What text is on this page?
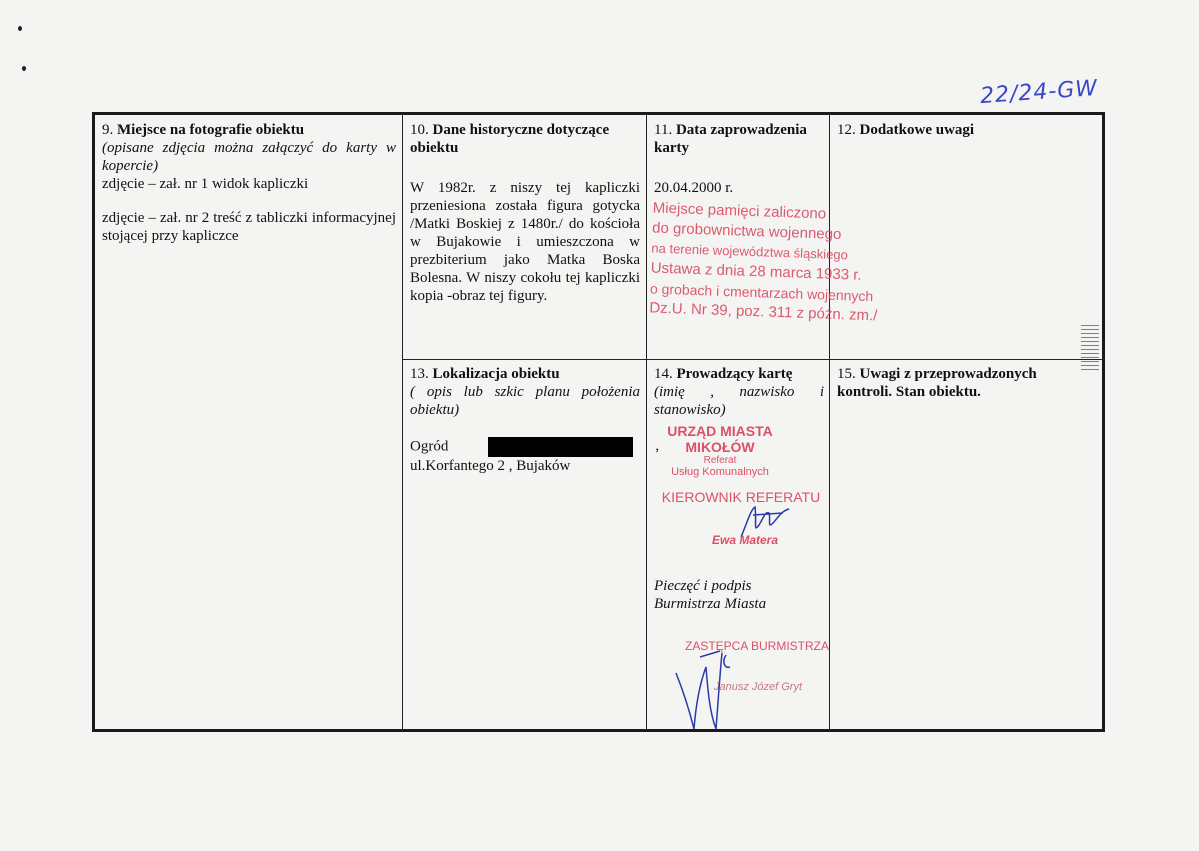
22/24-GW
9. Miejsce na fotografie obiektu
(opisane zdjęcia można załączyć do karty w kopercie)
zdjęcie – zał. nr 1 widok kapliczki
zdjęcie – zał. nr 2 treść z tabliczki informacyjnej stojącej przy kapliczce
10. Dane historyczne dotyczące obiektu
W 1982r. z niszy tej kapliczki przeniesiona została figura gotycka /Matki Boskiej z 1480r./ do kościoła w Bujakowie i umieszczona w prezbiterium jako Matka Boska Bolesna. W niszy cokołu tej kapliczki kopia -obraz tej figury.
11. Data zaprowadzenia karty
20.04.2000 r.
12. Dodatkowe uwagi
Miejsce pamięci zaliczono
do grobownictwa wojennego
na terenie województwa śląskiego
Ustawa z dnia 28 marca 1933 r.
o grobach i cmentarzach wojennych
Dz.U. Nr 39, poz. 311 z późn. zm./
13. Lokalizacja obiektu
( opis lub szkic planu położenia obiektu)
Ogród	,
ul.Korfantego 2 , Bujaków
14. Prowadzący kartę
(imię , nazwisko i stanowisko)
URZĄD MIASTA
MIKOŁÓW
Referat
Usług Komunalnych
KIEROWNIK REFERATU
Ewa Matera
Pieczęć i podpis Burmistrza Miasta
ZASTĘPCA BURMISTRZA
Janusz Józef Gryt
15. Uwagi z przeprowadzonych kontroli. Stan obiektu.
